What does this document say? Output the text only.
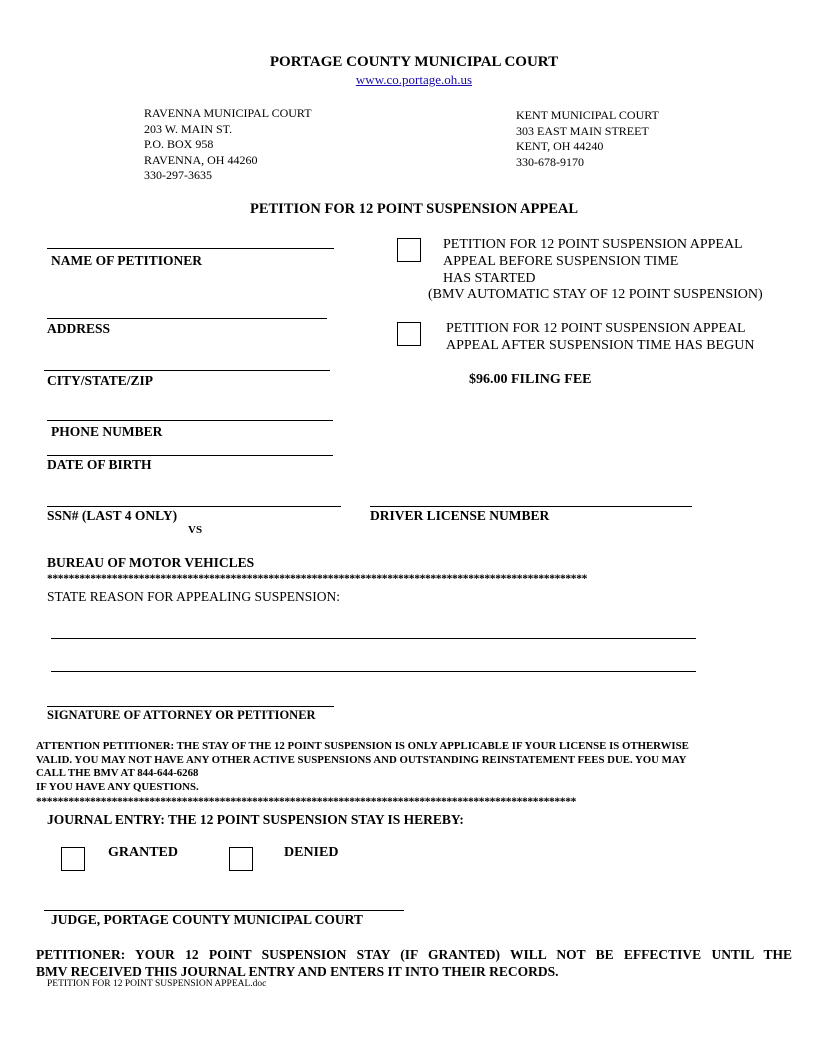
PORTAGE COUNTY MUNICIPAL COURT
www.co.portage.oh.us
RAVENNA MUNICIPAL COURT
203 W. MAIN ST.
P.O. BOX 958
RAVENNA, OH 44260
330-297-3635
KENT MUNICIPAL COURT
303 EAST MAIN STREET
KENT, OH 44240
330-678-9170
PETITION FOR 12 POINT SUSPENSION APPEAL
NAME OF PETITIONER
ADDRESS
CITY/STATE/ZIP
PHONE NUMBER
DATE OF BIRTH
SSN# (LAST 4 ONLY)
VS
DRIVER LICENSE NUMBER
PETITION FOR 12 POINT SUSPENSION APPEAL
APPEAL BEFORE SUSPENSION TIME
HAS STARTED
(BMV AUTOMATIC STAY OF 12 POINT SUSPENSION)
PETITION FOR 12 POINT SUSPENSION APPEAL
APPEAL AFTER SUSPENSION TIME HAS BEGUN
$96.00 FILING FEE
BUREAU OF MOTOR VEHICLES
****************************************************************************************************
STATE REASON FOR APPEALING SUSPENSION:
SIGNATURE OF ATTORNEY OR PETITIONER
ATTENTION PETITIONER: THE STAY OF THE 12 POINT SUSPENSION IS ONLY APPLICABLE IF YOUR LICENSE IS OTHERWISE
VALID. YOU MAY NOT HAVE ANY OTHER ACTIVE SUSPENSIONS AND OUTSTANDING REINSTATEMENT FEES DUE. YOU MAY
CALL THE BMV AT 844-644-6268
IF YOU HAVE ANY QUESTIONS.
****************************************************************************************************
JOURNAL ENTRY: THE 12 POINT SUSPENSION STAY IS HEREBY:
GRANTED	DENIED
JUDGE, PORTAGE COUNTY MUNICIPAL COURT
PETITIONER: YOUR 12 POINT SUSPENSION STAY (IF GRANTED) WILL NOT BE EFFECTIVE UNTIL THE
BMV RECEIVED THIS JOURNAL ENTRY AND ENTERS IT INTO THEIR RECORDS.
PETITION FOR 12 POINT SUSPENSION APPEAL.doc
